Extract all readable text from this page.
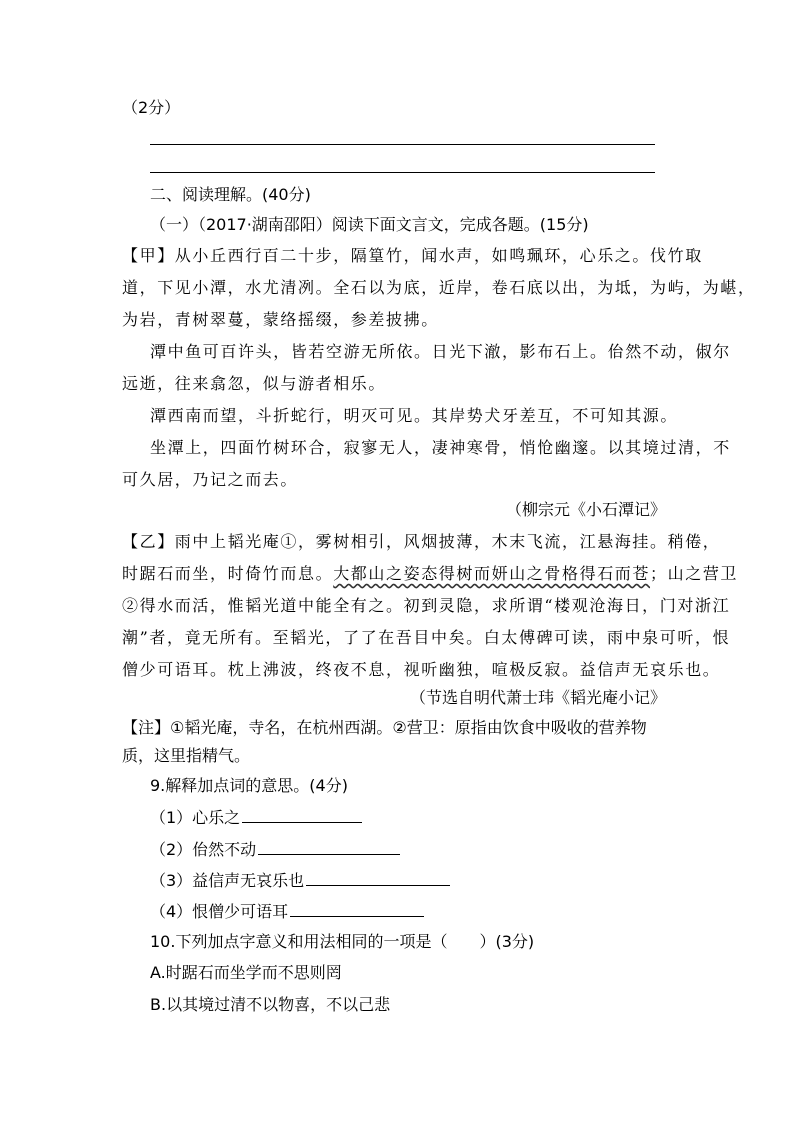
（2分）
二、阅读理解。(40分)
（一）（2017·湖南邵阳）阅读下面文言文，完成各题。(15分)
【甲】从小丘西行百二十步，隔篁竹，闻水声，如鸣珮环，心乐之。伐竹取
道，下见小潭，水尤清冽。全石以为底，近岸，卷石底以出，为坻，为屿，为嵁，
为岩，青树翠蔓，蒙络摇缀，参差披拂。
潭中鱼可百许头，皆若空游无所依。日光下澈，影布石上。佁然不动，俶尔
远逝，往来翕忽，似与游者相乐。
潭西南而望，斗折蛇行，明灭可见。其岸势犬牙差互，不可知其源。
坐潭上，四面竹树环合，寂寥无人，凄神寒骨，悄怆幽邃。以其境过清，不
可久居，乃记之而去。
（柳宗元《小石潭记》
【乙】雨中上韬光庵①，雾树相引，风烟披薄，木末飞流，江悬海挂。稍倦，
时踞石而坐，时倚竹而息。大都山之姿态得树而妍山之骨格得石而苍；山之营卫
②得水而活，惟韬光道中能全有之。初到灵隐，求所谓“楼观沧海日，门对浙江
潮”者，竟无所有。至韬光，了了在吾目中矣。白太傅碑可读，雨中泉可听，恨
僧少可语耳。枕上沸波，终夜不息，视听幽独，喧极反寂。益信声无哀乐也。
（节选自明代萧士玮《韬光庵小记》
【注】①韬光庵，寺名，在杭州西湖。②营卫：原指由饮食中吸收的营养物
质，这里指精气。
9.解释加点词的意思。(4分)
（1）心乐之
（2）佁然不动
（3）益信声无哀乐也
（4）恨僧少可语耳
10.下列加点字意义和用法相同的一项是（　　）(3分)
A.时踞石而坐学而不思则罔
B.以其境过清不以物喜，不以己悲
